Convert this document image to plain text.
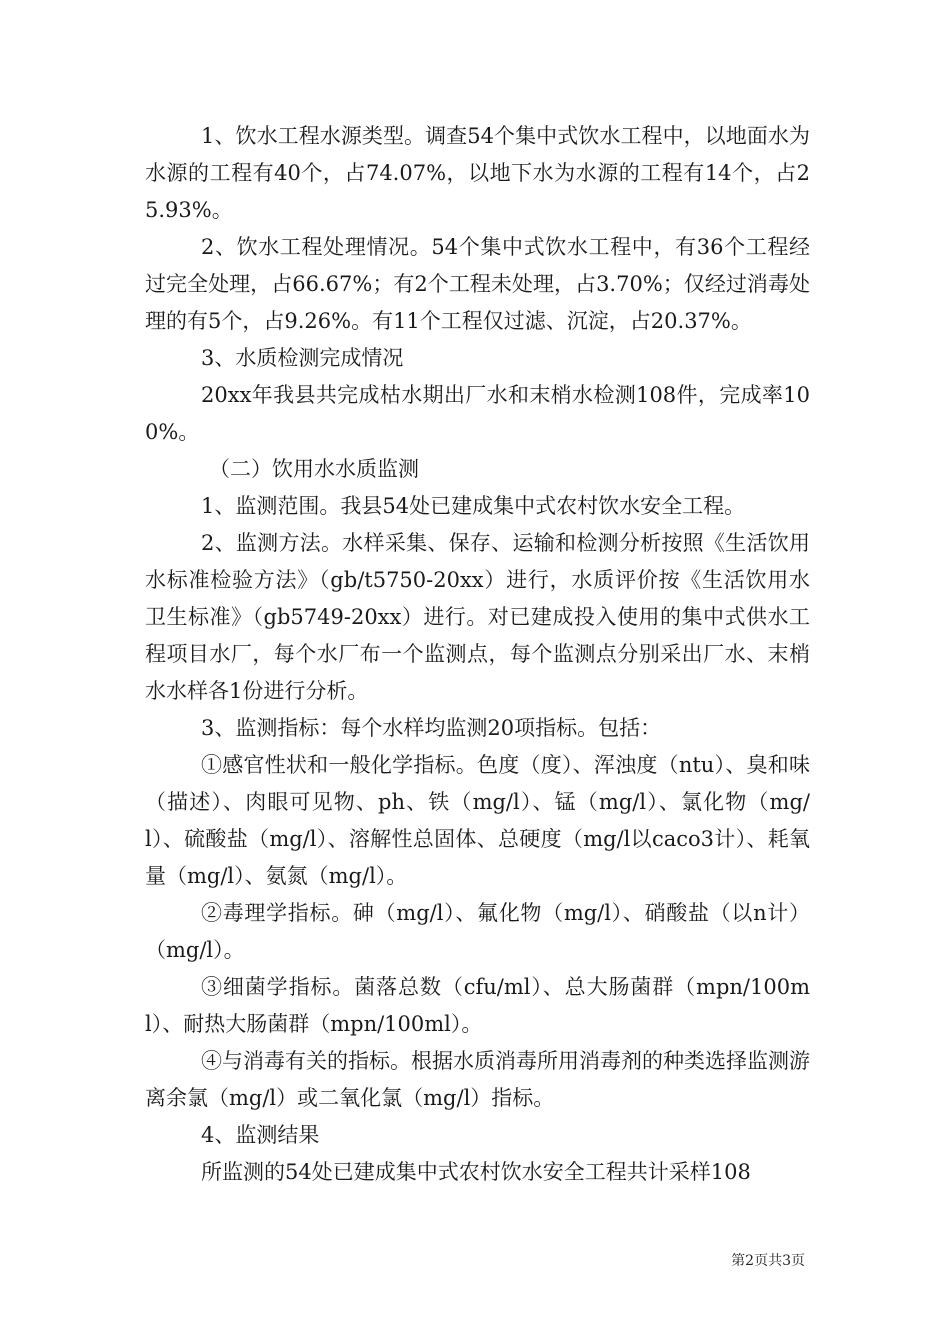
1、饮水工程水源类型。调查54个集中式饮水工程中，以地面水为水源的工程有40个，占74.07%，以地下水为水源的工程有14个，占25.93%。

2、饮水工程处理情况。54个集中式饮水工程中，有36个工程经过完全处理，占66.67%；有2个工程未处理，占3.70%；仅经过消毒处理的有5个，占9.26%。有11个工程仅过滤、沉淀，占20.37%。

3、水质检测完成情况

20xx年我县共完成枯水期出厂水和末梢水检测108件，完成率100%。

（二）饮用水水质监测

1、监测范围。我县54处已建成集中式农村饮水安全工程。

2、监测方法。水样采集、保存、运输和检测分析按照《生活饮用水标准检验方法》（gb/t5750-20xx）进行，水质评价按《生活饮用水卫生标准》（gb5749-20xx）进行。对已建成投入使用的集中式供水工程项目水厂，每个水厂布一个监测点，每个监测点分别采出厂水、末梢水水样各1份进行分析。

3、监测指标：每个水样均监测20项指标。包括：

①感官性状和一般化学指标。色度（度）、浑浊度（ntu）、臭和味（描述）、肉眼可见物、ph、铁（mg/l）、锰（mg/l）、氯化物（mg/l）、硫酸盐（mg/l）、溶解性总固体、总硬度（mg/l以caco3计）、耗氧量（mg/l）、氨氮（mg/l）。

②毒理学指标。砷（mg/l）、氟化物（mg/l）、硝酸盐（以n计）（mg/l）。

③细菌学指标。菌落总数（cfu/ml）、总大肠菌群（mpn/100ml）、耐热大肠菌群（mpn/100ml）。

④与消毒有关的指标。根据水质消毒所用消毒剂的种类选择监测游离余氯（mg/l）或二氧化氯（mg/l）指标。

4、监测结果

所监测的54处已建成集中式农村饮水安全工程共计采样108

第2页共3页
